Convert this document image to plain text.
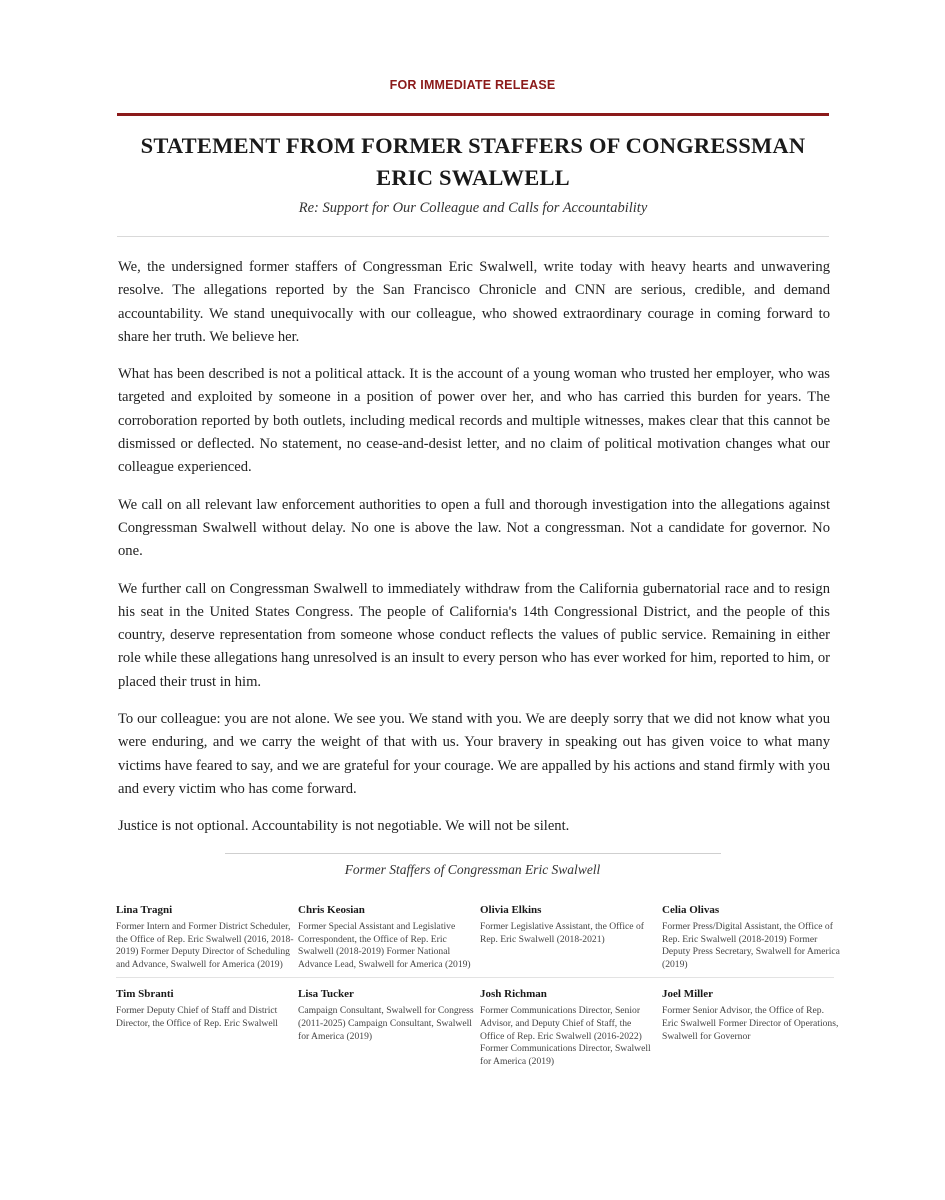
FOR IMMEDIATE RELEASE
STATEMENT FROM FORMER STAFFERS OF CONGRESSMAN
ERIC SWALWELL
Re: Support for Our Colleague and Calls for Accountability

We, the undersigned former staffers of Congressman Eric Swalwell, write today with heavy hearts and unwavering resolve. The allegations reported by the San Francisco Chronicle and CNN are serious, credible, and demand accountability. We stand unequivocally with our colleague, who showed extraordinary courage in coming forward to share her truth. We believe her.

What has been described is not a political attack. It is the account of a young woman who trusted her employer, who was targeted and exploited by someone in a position of power over her, and who has carried this burden for years. The corroboration reported by both outlets, including medical records and multiple witnesses, makes clear that this cannot be dismissed or deflected. No statement, no cease-and-desist letter, and no claim of political motivation changes what our colleague experienced.

We call on all relevant law enforcement authorities to open a full and thorough investigation into the allegations against Congressman Swalwell without delay. No one is above the law. Not a congressman. Not a candidate for governor. No one.

We further call on Congressman Swalwell to immediately withdraw from the California gubernatorial race and to resign his seat in the United States Congress. The people of California's 14th Congressional District, and the people of this country, deserve representation from someone whose conduct reflects the values of public service. Remaining in either role while these allegations hang unresolved is an insult to every person who has ever worked for him, reported to him, or placed their trust in him.

To our colleague: you are not alone. We see you. We stand with you. We are deeply sorry that we did not know what you were enduring, and we carry the weight of that with us. Your bravery in speaking out has given voice to what many victims have feared to say, and we are grateful for your courage. We are appalled by his actions and stand firmly with you and every victim who has come forward.

Justice is not optional. Accountability is not negotiable. We will not be silent.

Former Staffers of Congressman Eric Swalwell
Lina Tragni
Former Intern and Former District Scheduler, the Office of Rep. Eric Swalwell (2016, 2018-2019) Former Deputy Director of Scheduling and Advance, Swalwell for America (2019)
Chris Keosian
Former Special Assistant and Legislative Correspondent, the Office of Rep. Eric Swalwell (2018-2019) Former National Advance Lead, Swalwell for America (2019)
Olivia Elkins
Former Legislative Assistant, the Office of Rep. Eric Swalwell (2018-2021)
Celia Olivas
Former Press/Digital Assistant, the Office of Rep. Eric Swalwell (2018-2019) Former Deputy Press Secretary, Swalwell for America (2019)
Tim Sbranti
Former Deputy Chief of Staff and District Director, the Office of Rep. Eric Swalwell
Lisa Tucker
Campaign Consultant, Swalwell for Congress (2011-2025) Campaign Consultant, Swalwell for America (2019)
Josh Richman
Former Communications Director, Senior Advisor, and Deputy Chief of Staff, the Office of Rep. Eric Swalwell (2016-2022) Former Communications Director, Swalwell for America (2019)
Joel Miller
Former Senior Advisor, the Office of Rep. Eric Swalwell Former Director of Operations, Swalwell for Governor
